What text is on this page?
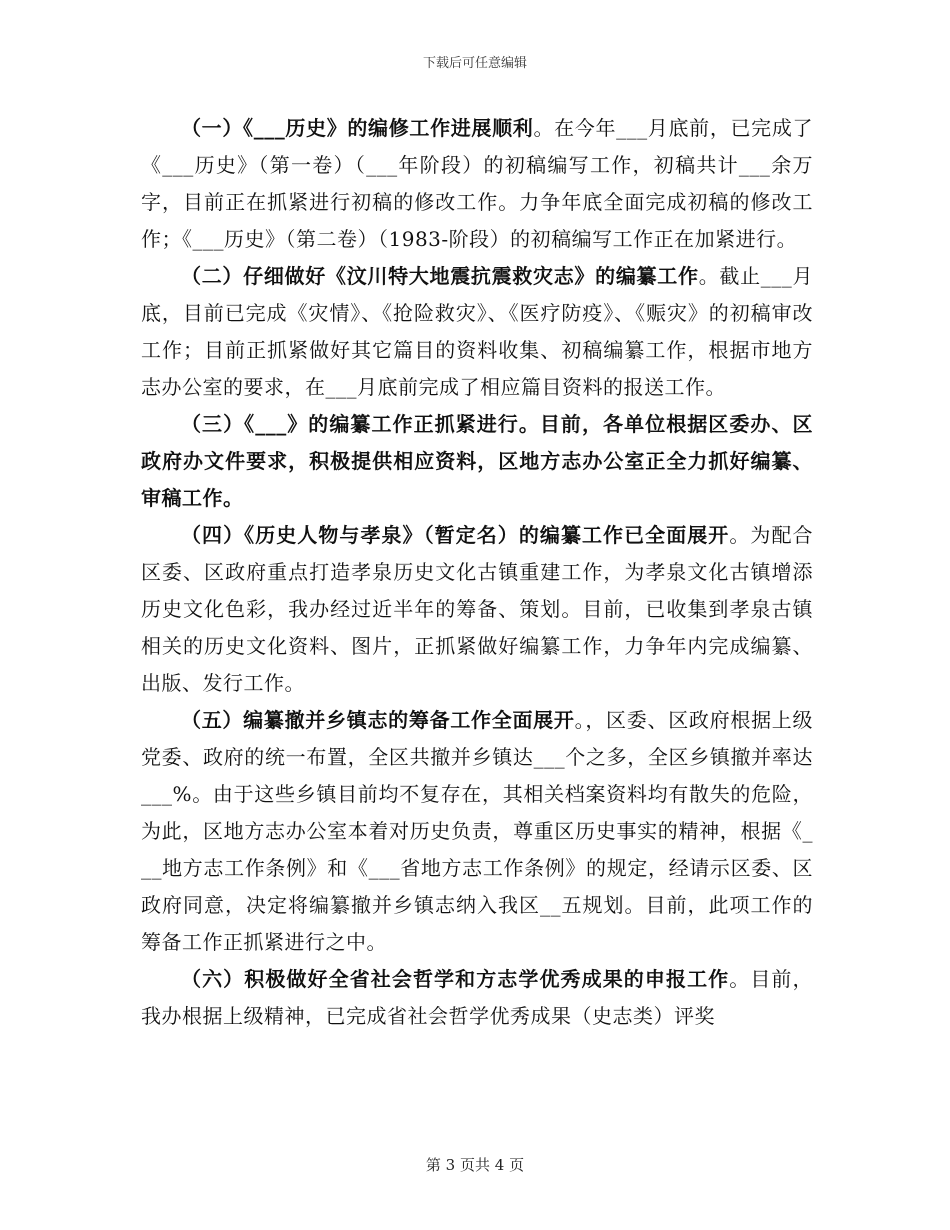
下载后可任意编辑

（一）《___历史》的编修工作进展顺利。在今年___月底前，已完成了《___历史》（第一卷）（___年阶段）的初稿编写工作，初稿共计___余万字，目前正在抓紧进行初稿的修改工作。力争年底全面完成初稿的修改工作；《___历史》（第二卷）（1983-阶段）的初稿编写工作正在加紧进行。

（二）仔细做好《汶川特大地震抗震救灾志》的编纂工作。截止___月底，目前已完成《灾情》、《抢险救灾》、《医疗防疫》、《赈灾》的初稿审改工作；目前正抓紧做好其它篇目的资料收集、初稿编纂工作，根据市地方志办公室的要求，在___月底前完成了相应篇目资料的报送工作。

（三）《___》的编纂工作正抓紧进行。目前，各单位根据区委办、区政府办文件要求，积极提供相应资料，区地方志办公室正全力抓好编纂、审稿工作。

（四）《历史人物与孝泉》（暂定名）的编纂工作已全面展开。为配合区委、区政府重点打造孝泉历史文化古镇重建工作，为孝泉文化古镇增添历史文化色彩，我办经过近半年的筹备、策划。目前，已收集到孝泉古镇相关的历史文化资料、图片，正抓紧做好编纂工作，力争年内完成编纂、出版、发行工作。

（五）编纂撤并乡镇志的筹备工作全面展开。，区委、区政府根据上级党委、政府的统一布置，全区共撤并乡镇达___个之多，全区乡镇撤并率达___%。由于这些乡镇目前均不复存在，其相关档案资料均有散失的危险，为此，区地方志办公室本着对历史负责，尊重区历史事实的精神，根据《___地方志工作条例》和《___省地方志工作条例》的规定，经请示区委、区政府同意，决定将编纂撤并乡镇志纳入我区__五规划。目前，此项工作的筹备工作正抓紧进行之中。

（六）积极做好全省社会哲学和方志学优秀成果的申报工作。目前，我办根据上级精神，已完成省社会哲学优秀成果（史志类）评奖

第 3 页共 4 页
